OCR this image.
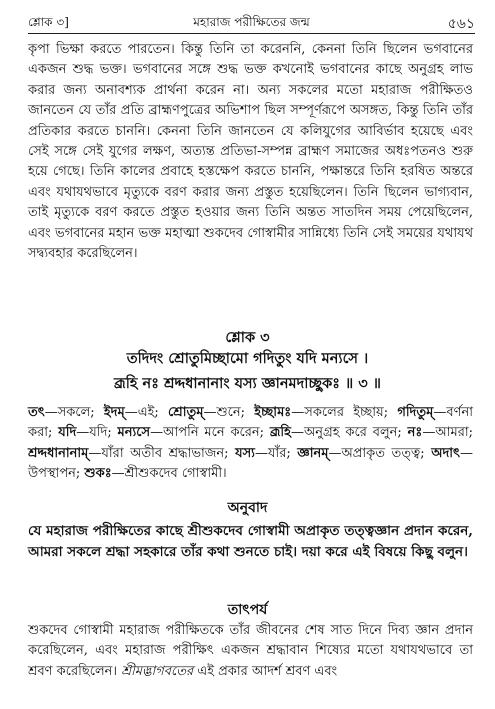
শ্লোক ৩]	মহারাজ পরীক্ষিতের জন্ম	৫৬১
কৃপা ভিক্ষা করতে পারতেন। কিন্তু তিনি তা করেননি, কেননা তিনি ছিলেন ভগবানের একজন শুদ্ধ ভক্ত। ভগবানের সঙ্গে শুদ্ধ ভক্ত কখনোই ভগবানের কাছে অনুগ্রহ লাভ করার জন্য অনাবশ্যক প্রার্থনা করেন না। অন্য সকলের মতো মহারাজ পরীক্ষিতও জানতেন যে তাঁর প্রতি ব্রাহ্মণপুত্রের অভিশাপ ছিল সম্পূর্ণরূপে অসঙ্গত, কিন্তু তিনি তাঁর প্রতিকার করতে চাননি। কেননা তিনি জানতেন যে কলিযুগের আবির্ভাব হয়েছে এবং সেই সঙ্গে সেই যুগের লক্ষণ, অত্যন্ত প্রতিভা-সম্পন্ন ব্রাহ্মণ সমাজের অধঃপতনও শুরু হয়ে গেছে। তিনি কালের প্রবাহে হস্তক্ষেপ করতে চাননি, পক্ষান্তরে তিনি হরষিত অন্তরে এবং যথাযথভাবে মৃত্যুকে বরণ করার জন্য প্রস্তুত হয়েছিলেন। তিনি ছিলেন ভাগ্যবান, তাই মৃত্যুকে বরণ করতে প্রস্তুত হওয়ার জন্য তিনি অন্তত সাতদিন সময় পেয়েছিলেন, এবং ভগবানের মহান ভক্ত মহাত্মা শুকদেব গোস্বামীর সান্নিধ্যে তিনি সেই সময়ের যথাযথ সদ্ব্যবহার করেছিলেন।
শ্লোক ৩
তদিদং শ্রোতুমিচ্ছামো গদিতুং যদি মন্যসে ।
ব্রূহি নঃ শ্রদ্দধানানাং যস্য জ্ঞানমদাচ্ছুকঃ ॥ ৩ ॥
তৎ—সকলে; ইদম্—এই; শ্রোতুম্—শুনে; ইচ্ছামঃ—সকলের ইচ্ছায়; গদিতুম্—বর্ণনা করা; যদি—যদি; মন্যসে—আপনি মনে করেন; ব্রূহি—অনুগ্রহ করে বলুন; নঃ—আমরা; শ্রদ্দধানানাম্—যাঁরা অতীব শ্রদ্ধাভাজন; যস্য—যাঁর; জ্ঞানম্—অপ্রাকৃত তত্ত্ব; অদাৎ—উপস্থাপন; শুকঃ—শ্রীশুকদেব গোস্বামী।
অনুবাদ
যে মহারাজ পরীক্ষিতের কাছে শ্রীশুকদেব গোস্বামী অপ্রাকৃত তত্ত্বজ্ঞান প্রদান করেন, আমরা সকলে শ্রদ্ধা সহকারে তাঁর কথা শুনতে চাই। দয়া করে এই বিষয়ে কিছু বলুন।
তাৎপর্য
শুকদেব গোস্বামী মহারাজ পরীক্ষিতকে তাঁর জীবনের শেষ সাত দিনে দিব্য জ্ঞান প্রদান করেছিলেন, এবং মহারাজ পরীক্ষিৎ একজন শ্রদ্ধাবান শিষ্যের মতো যথাযথভাবে তা শ্রবণ করেছিলেন। শ্রীমদ্ভাগবতের এই প্রকার আদর্শ শ্রবণ এবং
